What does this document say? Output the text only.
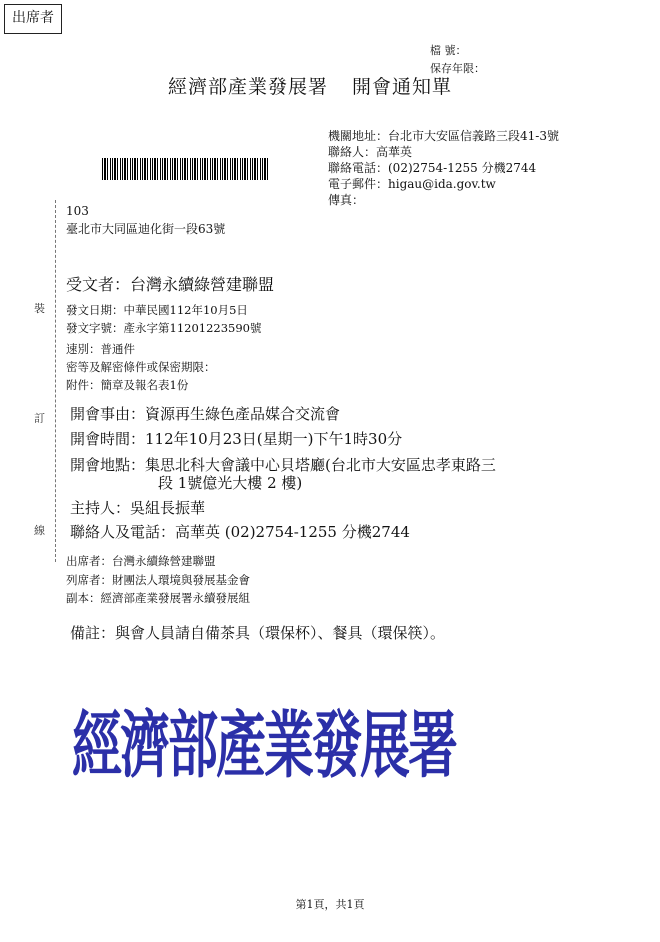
出席者
檔 號：
保存年限：
經濟部產業發展署 開會通知單
機關地址：台北市大安區信義路三段41-3號
聯絡人：高華英
聯絡電話：(02)2754-1255 分機2744
電子郵件：higau@ida.gov.tw
傳真：
103
臺北市大同區迪化街一段63號
裝
訂
線
受文者：台灣永續綠營建聯盟
發文日期：中華民國112年10月5日
發文字號：產永字第11201223590號
速別：普通件
密等及解密條件或保密期限：
附件：簡章及報名表1份
開會事由：資源再生綠色產品媒合交流會
開會時間：112年10月23日(星期一)下午1時30分
開會地點：集思北科大會議中心貝塔廳(台北市大安區忠孝東路三
段 1號億光大樓 2 樓)
主持人：吳組長振華
聯絡人及電話：高華英 (02)2754-1255 分機2744
出席者：台灣永續綠營建聯盟
列席者：財團法人環境與發展基金會
副本：經濟部產業發展署永續發展組
備註：與會人員請自備茶具（環保杯）、餐具（環保筷）。
經濟部產業發展署
第1頁，共1頁
